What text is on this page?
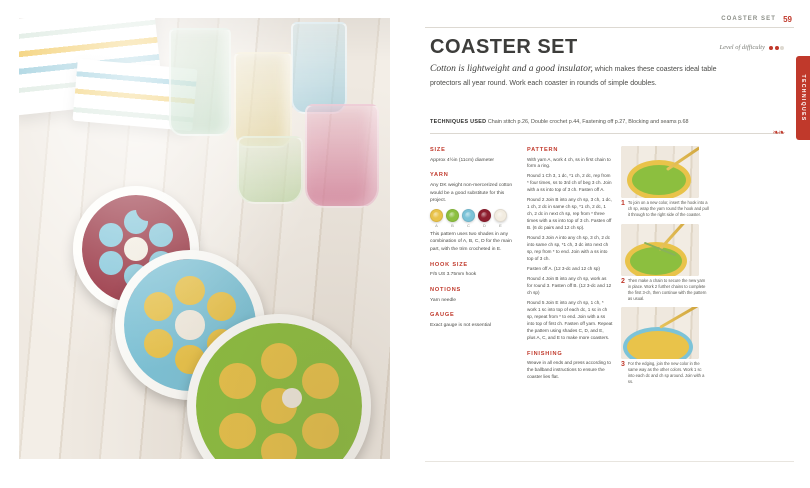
COASTER SET 59
TECHNIQUES
COASTER SET	Level of difficulty
Cotton is lightweight and a good insulator, which makes these coasters ideal table protectors all year round. Work each coaster in rounds of simple doubles.
TECHNIQUES USED Chain stitch p.26, Double crochet p.44, Fastening off p.27, Blocking and seams p.68
❧❧
SIZE

Approx 4½in (11cm) diameter

YARN

Any DK weight non-mercerized cotton would be a good substitute for this project.

A	B	C	D	E

This pattern uses two shades in any combination of A, B, C, D for the main part, with the trim crocheted in E.

HOOK SIZE

F/5 US 3.75mm hook

NOTIONS

Yarn needle

GAUGE

Exact gauge is not essential

PATTERN

With yarn A, work 4 ch, ss in first chain to form a ring.

Round 1 Ch 3, 1 dc, *1 ch, 2 dc, rep from * four times, ss to 3rd ch of beg 3 ch. Join with a ss into top of 3 ch. Fasten off A.

Round 2 Join B into any ch sp, 3 ch, 1 dc, 1 ch, 2 dc in same ch sp, *1 ch, 2 dc, 1 ch, 2 dc in next ch sp, rep from * three times with a ss into top of 3 ch. Fasten off B. (6 dc pairs and 12 ch sp).

Round 3 Join A into any ch sp, 3 ch, 2 dc into same ch sp, *1 ch, 3 dc into next ch sp, rep from * to end. Join with a ss into top of 3 ch.

Fasten off A. (12 3-dc and 12 ch sp)

Round 4 Join B into any ch sp, work as for round 3. Fasten off B. (12 3-dc and 12 ch sp)

Round 5 Join E into any ch sp, 1 ch, * work 1 sc into top of each dc, 1 sc in ch sp, repeat from * to end. Join with a ss into top of first ch. Fasten off yarn. Repeat the pattern using shades C, D, and E, plus A, C, and E to make more coasters.

FINISHING

Weave in all ends and press according to the ballband instructions to ensure the coaster lies flat.

1 To join on a new color, insert the hook into a ch sp, wrap the yarn round the hook and pull it through to the right side of the coaster.
2 Then make a chain to secure the new yarn in place. Work 2 further chains to complete the first 3-ch, then continue with the pattern as usual.
3 For the edging, join the new color in the same way as the other colors. Work 1 sc into each dc and ch sp around. Join with a ss.
